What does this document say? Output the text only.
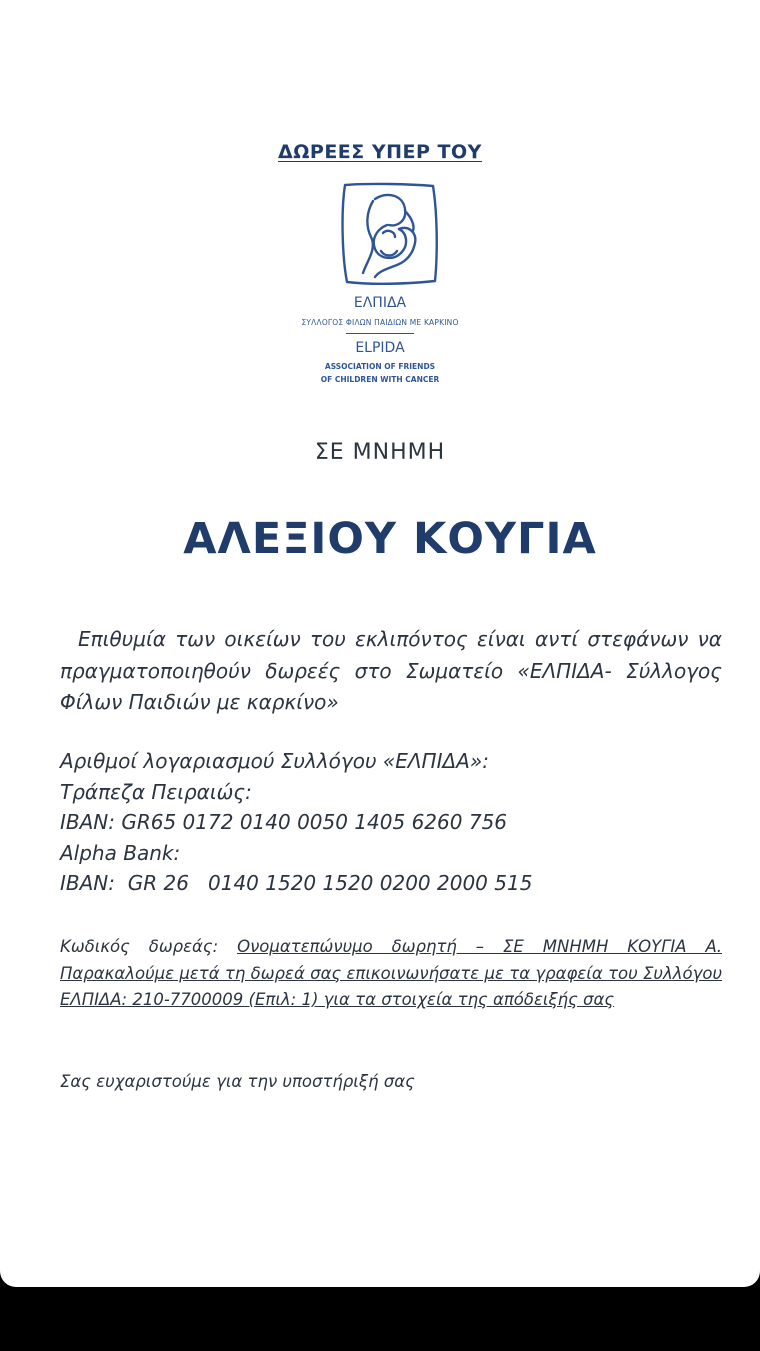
ΔΩΡΕΕΣ ΥΠΕΡ ΤΟΥ
ΕΛΠΙΔΑ
ΣΥΛΛΟΓΟΣ ΦΙΛΩΝ ΠΑΙΔΙΩΝ ΜΕ ΚΑΡΚΙΝΟ
ELPIDA
ASSOCIATION OF FRIENDS
OF CHILDREN WITH CANCER
ΣΕ ΜΝΗΜΗ
ΑΛΕΞΙΟΥ ΚΟΥΓΙΑ
Επιθυμία των οικείων του εκλιπόντος είναι αντί στεφάνων να πραγματοποιηθούν δωρεές στο Σωματείο «ΕΛΠΙΔΑ- Σύλλογος Φίλων Παιδιών με καρκίνο»
Αριθμοί λογαριασμού Συλλόγου «ΕΛΠΙΔΑ»:
Τράπεζα Πειραιώς:
IBAN: GR65 0172 0140 0050 1405 6260 756
Alpha Bank:
IBAN:  GR 26   0140 1520 1520 0200 2000 515
Κωδικός δωρεάς: Ονοματεπώνυμο δωρητή – ΣΕ ΜΝΗΜΗ ΚΟΥΓΙΑ Α. Παρακαλούμε μετά τη δωρεά σας επικοινωνήσατε με τα γραφεία του Συλλόγου ΕΛΠΙΔΑ: 210-7700009 (Επιλ: 1) για τα στοιχεία της απόδειξής σας
Σας ευχαριστούμε για την υποστήριξή σας
